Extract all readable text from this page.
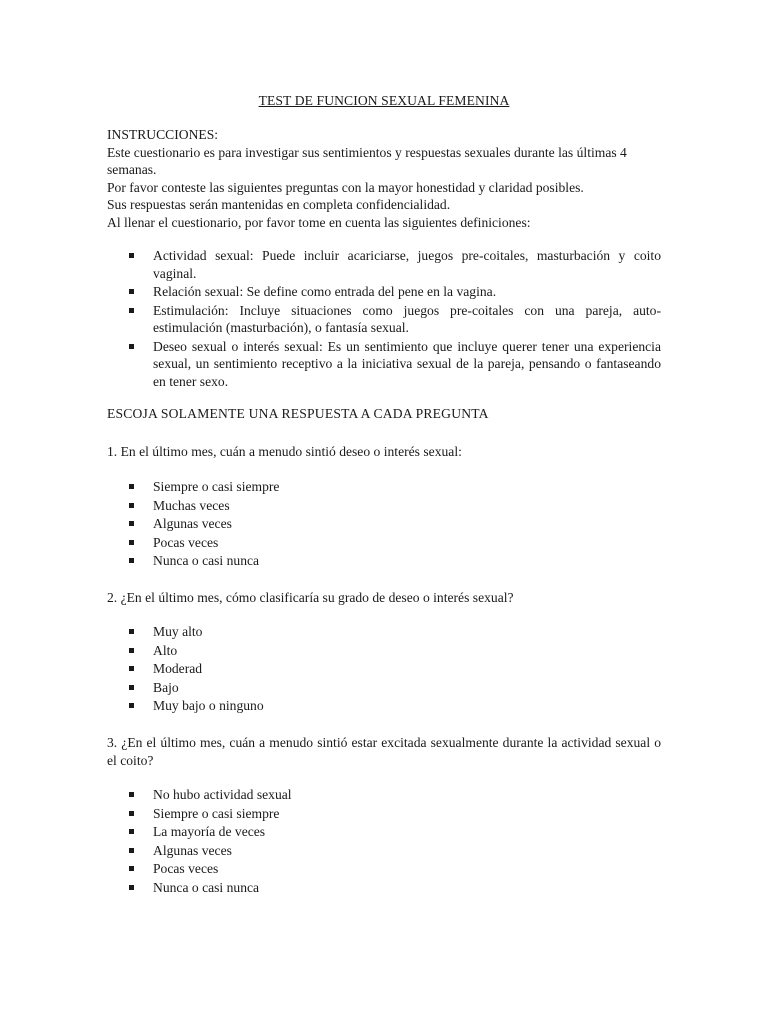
TEST DE FUNCION SEXUAL FEMENINA

INSTRUCCIONES:

Este cuestionario es para investigar sus sentimientos y respuestas sexuales durante las últimas 4 semanas.

Por favor conteste las siguientes preguntas con la mayor honestidad y claridad posibles.

Sus respuestas serán mantenidas en completa confidencialidad.

Al llenar el cuestionario, por favor tome en cuenta las siguientes definiciones:

Actividad sexual: Puede incluir acariciarse, juegos pre-coitales, masturbación y coito vaginal.
Relación sexual: Se define como entrada del pene en la vagina.
Estimulación: Incluye situaciones como juegos pre-coitales con una pareja, auto-estimulación (masturbación), o fantasía sexual.
Deseo sexual o interés sexual: Es un sentimiento que incluye querer tener una experiencia sexual, un sentimiento receptivo a la iniciativa sexual de la pareja, pensando o fantaseando en tener sexo.
ESCOJA SOLAMENTE UNA RESPUESTA A CADA PREGUNTA
1. En el último mes, cuán a menudo sintió deseo o interés sexual:
Siempre o casi siempre
Muchas veces
Algunas veces
Pocas veces
Nunca o casi nunca
2. ¿En el último mes, cómo clasificaría su grado de deseo o interés sexual?
Muy alto
Alto
Moderad
Bajo
Muy bajo o ninguno
3. ¿En el último mes, cuán a menudo sintió estar excitada sexualmente durante la actividad sexual o el coito?
No hubo actividad sexual
Siempre o casi siempre
La mayoría de veces
Algunas veces
Pocas veces
Nunca o casi nunca
